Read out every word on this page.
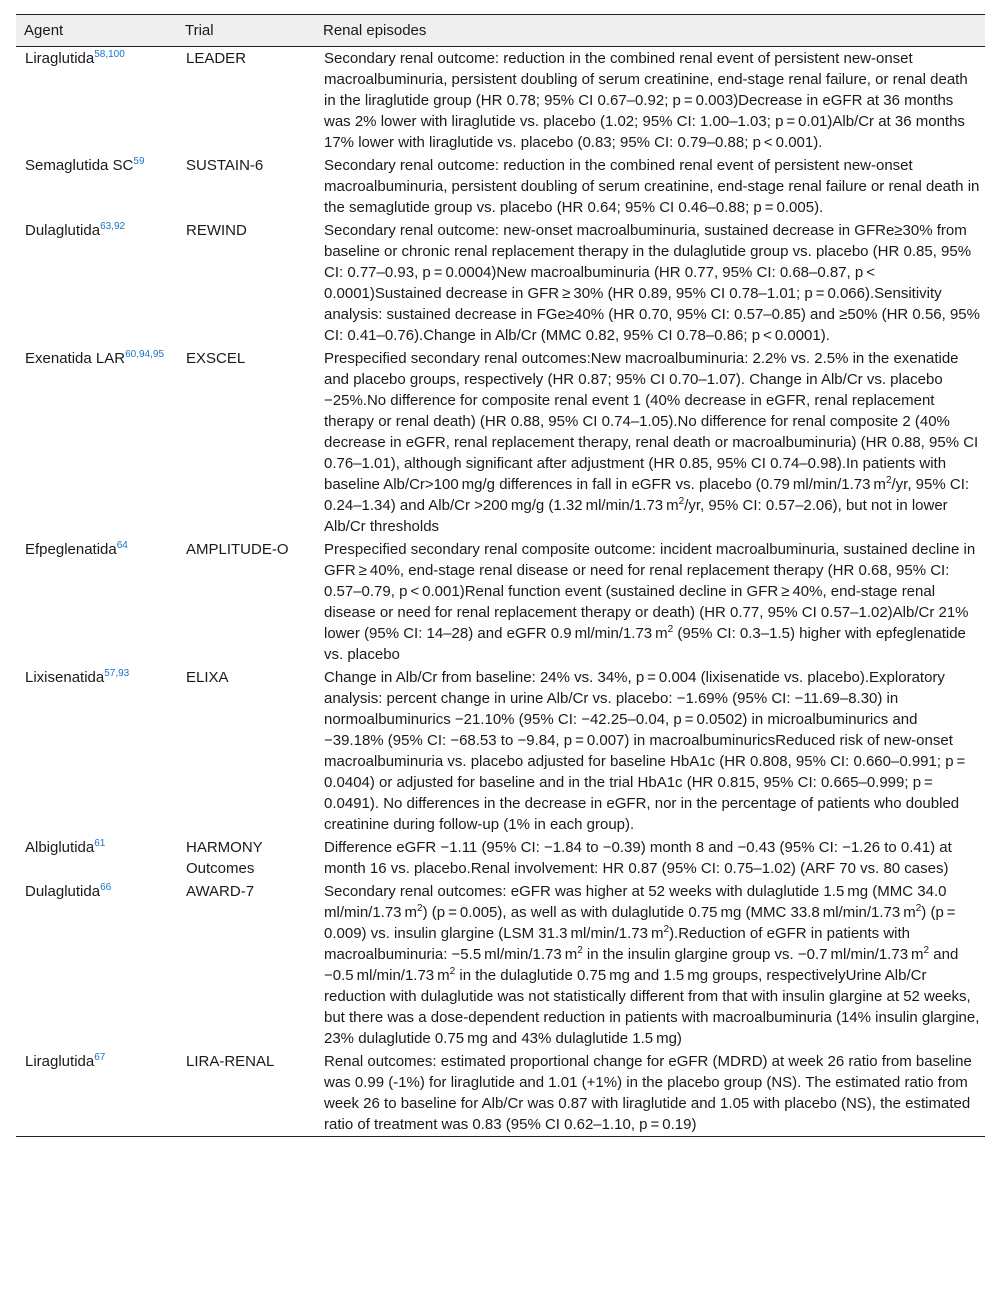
Agent	Trial	Renal episodes
Liraglutida$^{58,100}$	LEADER	Secondary renal outcome: reduction in the combined renal event of persistent new-onset macroalbuminuria, persistent doubling of serum creatinine, end-stage renal failure, or renal death in the liraglutide group (HR 0.78; 95% CI 0.67–0.92; p = 0.003)Decrease in eGFR at 36 months was 2% lower with liraglutide vs. placebo (1.02; 95% CI: 1.00–1.03; p = 0.01)Alb/Cr at 36 months 17% lower with liraglutide vs. placebo (0.83; 95% CI: 0.79–0.88; p < 0.001).
Semaglutida SC$^{59}$	SUSTAIN-6	Secondary renal outcome: reduction in the combined renal event of persistent new-onset macroalbuminuria, persistent doubling of serum creatinine, end-stage renal failure or renal death in the semaglutide group vs. placebo (HR 0.64; 95% CI 0.46–0.88; p = 0.005).
Dulaglutida$^{63,92}$	REWIND	Secondary renal outcome: new-onset macroalbuminuria, sustained decrease in GFRe≥30% from baseline or chronic renal replacement therapy in the dulaglutide group vs. placebo (HR 0.85, 95% CI: 0.77–0.93, p = 0.0004)New macroalbuminuria (HR 0.77, 95% CI: 0.68–0.87, p < 0.0001)Sustained decrease in GFR ≥ 30% (HR 0.89, 95% CI 0.78–1.01; p = 0.066).Sensitivity analysis: sustained decrease in FGe≥40% (HR 0.70, 95% CI: 0.57–0.85) and ≥50% (HR 0.56, 95% CI: 0.41–0.76).Change in Alb/Cr (MMC 0.82, 95% CI 0.78–0.86; p < 0.0001).
Exenatida LAR$^{60,94,95}$	EXSCEL	Prespecified secondary renal outcomes:New macroalbuminuria: 2.2% vs. 2.5% in the exenatide and placebo groups, respectively (HR 0.87; 95% CI 0.70–1.07). Change in Alb/Cr vs. placebo −25%.No difference for composite renal event 1 (40% decrease in eGFR, renal replacement therapy or renal death) (HR 0.88, 95% CI 0.74–1.05).No difference for renal composite 2 (40% decrease in eGFR, renal replacement therapy, renal death or macroalbuminuria) (HR 0.88, 95% CI 0.76–1.01), although significant after adjustment (HR 0.85, 95% CI 0.74–0.98).In patients with baseline Alb/Cr>100 mg/g differences in fall in eGFR vs. placebo (0.79 ml/min/1.73 $m^2/yr$, 95% CI: 0.24–1.34) and Alb/Cr >200 mg/g (1.32 ml/min/1.73 $m^2/yr$, 95% CI: 0.57–2.06), but not in lower Alb/Cr thresholds
Efpeglenatida$^{64}$	AMPLITUDE-O	Prespecified secondary renal composite outcome: incident macroalbuminuria, sustained decline in GFR ≥ 40%, end-stage renal disease or need for renal replacement therapy (HR 0.68, 95% CI: 0.57–0.79, p < 0.001)Renal function event (sustained decline in GFR ≥ 40%, end-stage renal disease or need for renal replacement therapy or death) (HR 0.77, 95% CI 0.57–1.02)Alb/Cr 21% lower (95% CI: 14–28) and eGFR 0.9 ml/min/1.73 $m^2$ (95% CI: 0.3–1.5) higher with epfeglenatide vs. placebo
Lixisenatida$^{57,93}$	ELIXA	Change in Alb/Cr from baseline: 24% vs. 34%, p = 0.004 (lixisenatide vs. placebo).Exploratory analysis: percent change in urine Alb/Cr vs. placebo: −1.69% (95% CI: −11.69–8.30) in normoalbuminurics −21.10% (95% CI: −42.25–0.04, p = 0.0502) in microalbuminurics and −39.18% (95% CI: −68.53 to −9.84, p = 0.007) in macroalbuminuricsReduced risk of new-onset macroalbuminuria vs. placebo adjusted for baseline HbA1c (HR 0.808, 95% CI: 0.660–0.991; p = 0.0404) or adjusted for baseline and in the trial HbA1c (HR 0.815, 95% CI: 0.665–0.999; p = 0.0491). No differences in the decrease in eGFR, nor in the percentage of patients who doubled creatinine during follow-up (1% in each group).
Albiglutida$^{61}$	HARMONY Outcomes	Difference eGFR −1.11 (95% CI: −1.84 to −0.39) month 8 and −0.43 (95% CI: −1.26 to 0.41) at month 16 vs. placebo.Renal involvement: HR 0.87 (95% CI: 0.75–1.02) (ARF 70 vs. 80 cases)
Dulaglutida$^{66}$	AWARD-7	Secondary renal outcomes: eGFR was higher at 52 weeks with dulaglutide 1.5 mg (MMC 34.0 ml/min/1.73 $m^2$) (p = 0.005), as well as with dulaglutide 0.75 mg (MMC 33.8 ml/min/1.73 $m^2$) (p = 0.009) vs. insulin glargine (LSM 31.3 ml/min/1.73 $m^2).Reduction$ of eGFR in patients with macroalbuminuria: −5.5 ml/min/1.73 $m^2$ in the insulin glargine group vs. −0.7 ml/min/1.73 $m^2$ and −0.5 ml/min/1.73 $m^2$ in the dulaglutide 0.75 mg and 1.5 mg groups, respectivelyUrine Alb/Cr reduction with dulaglutide was not statistically different from that with insulin glargine at 52 weeks, but there was a dose-dependent reduction in patients with macroalbuminuria (14% insulin glargine, 23% dulaglutide 0.75 mg and 43% dulaglutide 1.5 mg)
Liraglutida$^{67}$	LIRA-RENAL	Renal outcomes: estimated proportional change for eGFR (MDRD) at week 26 ratio from baseline was 0.99 (-1%) for liraglutide and 1.01 (+1%) in the placebo group (NS). The estimated ratio from week 26 to baseline for Alb/Cr was 0.87 with liraglutide and 1.05 with placebo (NS), the estimated ratio of treatment was 0.83 (95% CI 0.62–1.10, p = 0.19)
